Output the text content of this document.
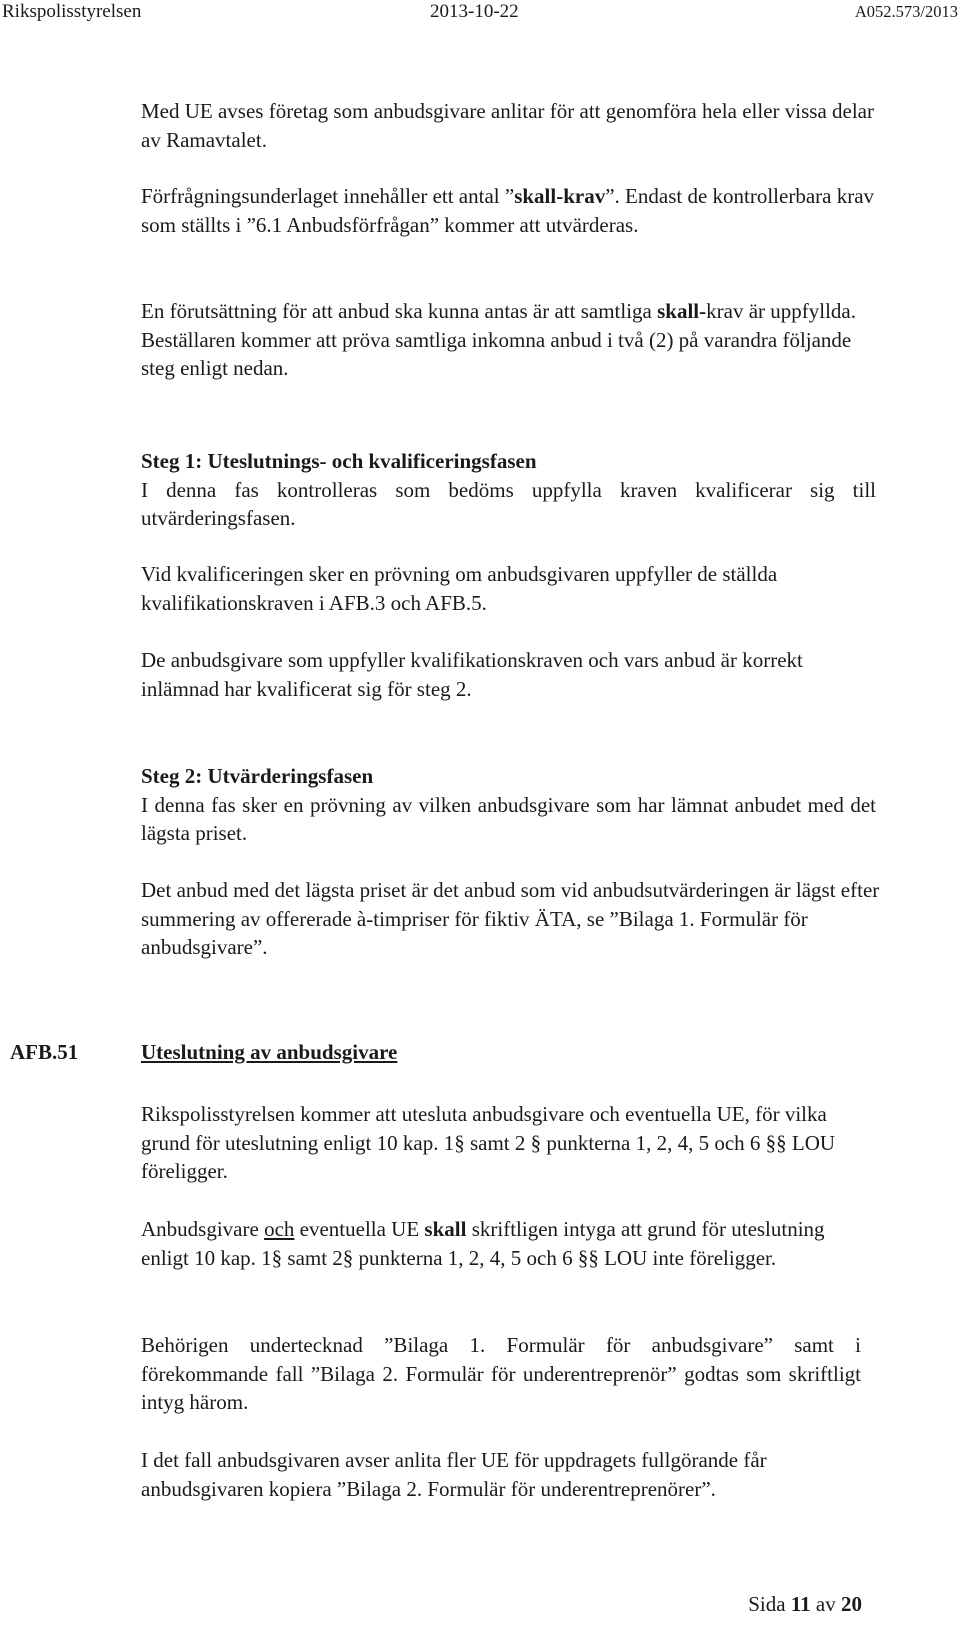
Rikspolisstyrelsen	2013-10-22	A052.573/2013

Med UE avses företag som anbudsgivare anlitar för att genomföra hela eller vissa delar av Ramavtalet.

Förfrågningsunderlaget innehåller ett antal ”skall-krav”. Endast de kontrollerbara krav som ställts i ”6.1 Anbudsförfrågan” kommer att utvärderas.

En förutsättning för att anbud ska kunna antas är att samtliga skall-krav är uppfyllda. Beställaren kommer att pröva samtliga inkomna anbud i två (2) på varandra följande steg enligt nedan.

Steg 1: Uteslutnings- och kvalificeringsfasen

I denna fas kontrolleras som bedöms uppfylla kraven kvalificerar sig till utvärderingsfasen.

Vid kvalificeringen sker en prövning om anbudsgivaren uppfyller de ställda kvalifikationskraven i AFB.3 och AFB.5.

De anbudsgivare som uppfyller kvalifikationskraven och vars anbud är korrekt inlämnad har kvalificerat sig för steg 2.

Steg 2: Utvärderingsfasen

I denna fas sker en prövning av vilken anbudsgivare som har lämnat anbudet med det lägsta priset.

Det anbud med det lägsta priset är det anbud som vid anbudsutvärderingen är lägst efter summering av offererade à-timpriser för fiktiv ÄTA, se ”Bilaga 1. Formulär för anbudsgivare”.

AFB.51	Uteslutning av anbudsgivare

Rikspolisstyrelsen kommer att utesluta anbudsgivare och eventuella UE, för vilka grund för uteslutning enligt 10 kap. 1§ samt 2 § punkterna 1, 2, 4, 5 och 6 §§ LOU föreligger.

Anbudsgivare och eventuella UE skall skriftligen intyga att grund för uteslutning enligt 10 kap. 1§ samt 2§ punkterna 1, 2, 4, 5 och 6 §§ LOU inte föreligger.

Behörigen undertecknad ”Bilaga 1. Formulär för anbudsgivare” samt i förekommande fall ”Bilaga 2. Formulär för underentreprenör” godtas som skriftligt intyg härom.

I det fall anbudsgivaren avser anlita fler UE för uppdragets fullgörande får anbudsgivaren kopiera ”Bilaga 2. Formulär för underentreprenörer”.

Sida 11 av 20
